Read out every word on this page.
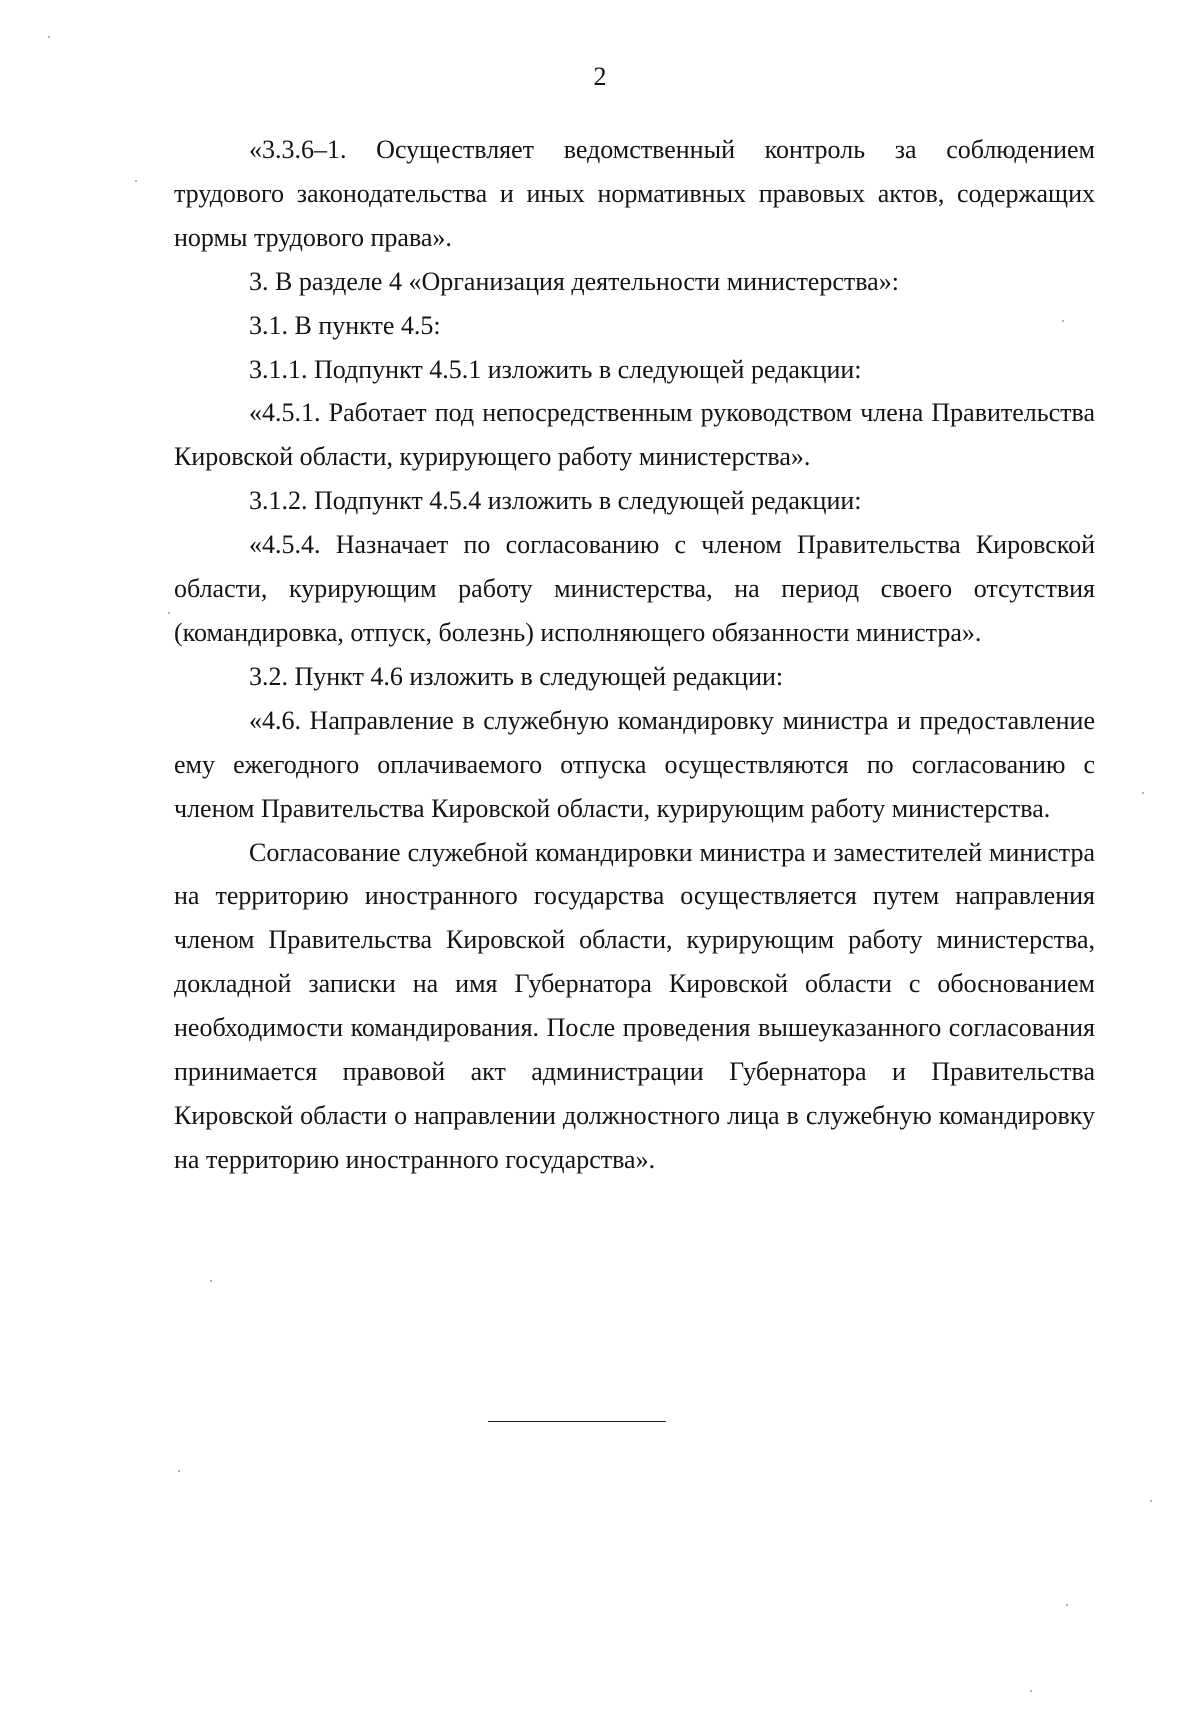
2

«3.3.6–1. Осуществляет ведомственный контроль за соблюдением трудового законодательства и иных нормативных правовых актов, содержащих нормы трудового права».

3. В разделе 4 «Организация деятельности министерства»:

3.1. В пункте 4.5:

3.1.1. Подпункт 4.5.1 изложить в следующей редакции:

«4.5.1. Работает под непосредственным руководством члена Правительства Кировской области, курирующего работу министерства».

3.1.2. Подпункт 4.5.4 изложить в следующей редакции:

«4.5.4. Назначает по согласованию с членом Правительства Кировской области, курирующим работу министерства, на период своего отсутствия (командировка, отпуск, болезнь) исполняющего обязанности министра».

3.2. Пункт 4.6 изложить в следующей редакции:

«4.6. Направление в служебную командировку министра и предоставление ему ежегодного оплачиваемого отпуска осуществляются по согласованию с членом Правительства Кировской области, курирующим работу министерства.

Согласование служебной командировки министра и заместителей министра на территорию иностранного государства осуществляется путем направления членом Правительства Кировской области, курирующим работу министерства, докладной записки на имя Губернатора Кировской области с обоснованием необходимости командирования. После проведения вышеуказанного согласования принимается правовой акт администрации Губернатора и Правительства Кировской области о направлении должностного лица в служебную командировку на территорию иностранного государства».
